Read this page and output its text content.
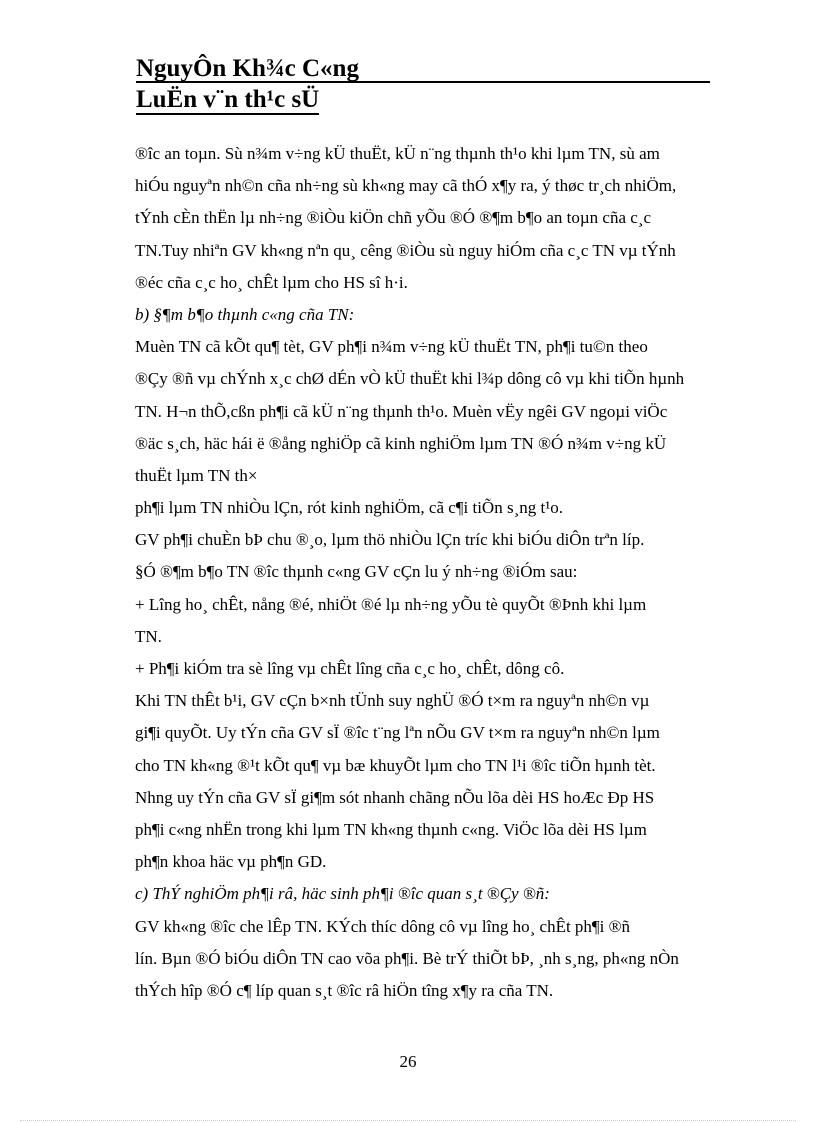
NguyÔn Kh¾c C«ng
LuËn v¨n th¹c sÜ
®îc an toµn. Sù n¾m v÷ng kÜ thuËt, kÜ n¨ng thµnh th¹o khi lµm TN, sù am
hiÓu nguyªn nh©n cña nh÷ng sù kh«ng may cã thÓ x¶y ra, ý thøc tr¸ch nhiÖm,
tÝnh cÈn thËn lµ nh÷ng ®iÒu kiÖn chñ yÕu ®Ó ®¶m b¶o an toµn cña c¸c
TN.Tuy nhiªn GV kh«ng nªn qu¸ cêng ®iÒu sù nguy hiÓm cña c¸c TN vµ tÝnh
®éc cña c¸c ho¸ chÊt lµm cho HS sî h·i.
b) §¶m b¶o thµnh c«ng cña TN:
Muèn TN cã kÕt qu¶ tèt, GV ph¶i n¾m v÷ng kÜ thuËt TN, ph¶i tu©n theo
®Çy ®ñ vµ chÝnh x¸c chØ dÉn vÒ kÜ thuËt khi l¾p dông cô vµ khi tiÕn hµnh
TN. H¬n thÕ,cßn ph¶i cã kÜ n¨ng thµnh th¹o. Muèn vËy ngêi GV ngoµi viÖc
®äc s¸ch, häc hái ë ®ång nghiÖp cã kinh nghiÖm lµm TN ®Ó n¾m v÷ng kÜ
thuËt lµm TN th×
ph¶i lµm TN nhiÒu lÇn, rót kinh nghiÖm, cã c¶i tiÕn s¸ng t¹o.
GV ph¶i chuÈn bÞ chu ®¸o, lµm thö nhiÒu lÇn tríc khi biÓu diÔn trªn líp.
§Ó ®¶m b¶o TN ®îc thµnh c«ng GV cÇn lu ý nh÷ng ®iÓm sau:
+ Lîng ho¸ chÊt, nång ®é, nhiÖt ®é lµ nh÷ng yÕu tè quyÕt ®Þnh khi lµm
TN.
+ Ph¶i kiÓm tra sè lîng vµ chÊt lîng cña c¸c ho¸ chÊt, dông cô.
Khi TN thÊt b¹i, GV cÇn b×nh tÜnh suy nghÜ ®Ó t×m ra nguyªn nh©n vµ
gi¶i quyÕt. Uy tÝn cña GV sÏ ®îc t¨ng lªn nÕu GV t×m ra nguyªn nh©n lµm
cho TN kh«ng ®¹t kÕt qu¶ vµ bæ khuyÕt lµm cho TN l¹i ®îc tiÕn hµnh tèt.
Nhng uy tÝn cña GV sÏ gi¶m sót nhanh chãng nÕu lõa dèi HS hoÆc Ðp HS
ph¶i c«ng nhËn trong khi lµm TN kh«ng thµnh c«ng. ViÖc lõa dèi HS lµm
ph¶n khoa häc vµ ph¶n GD.
c) ThÝ nghiÖm ph¶i râ, häc sinh ph¶i ®îc quan s¸t ®Çy ®ñ:
GV kh«ng ®îc che lÊp TN. KÝch thíc dông cô vµ lîng ho¸ chÊt ph¶i ®ñ
lín. Bµn ®Ó biÓu diÔn TN cao võa ph¶i. Bè trÝ thiÕt bÞ, ¸nh s¸ng, ph«ng nÒn
thÝch hîp ®Ó c¶ líp quan s¸t ®îc râ hiÖn tîng x¶y ra cña TN.
26
